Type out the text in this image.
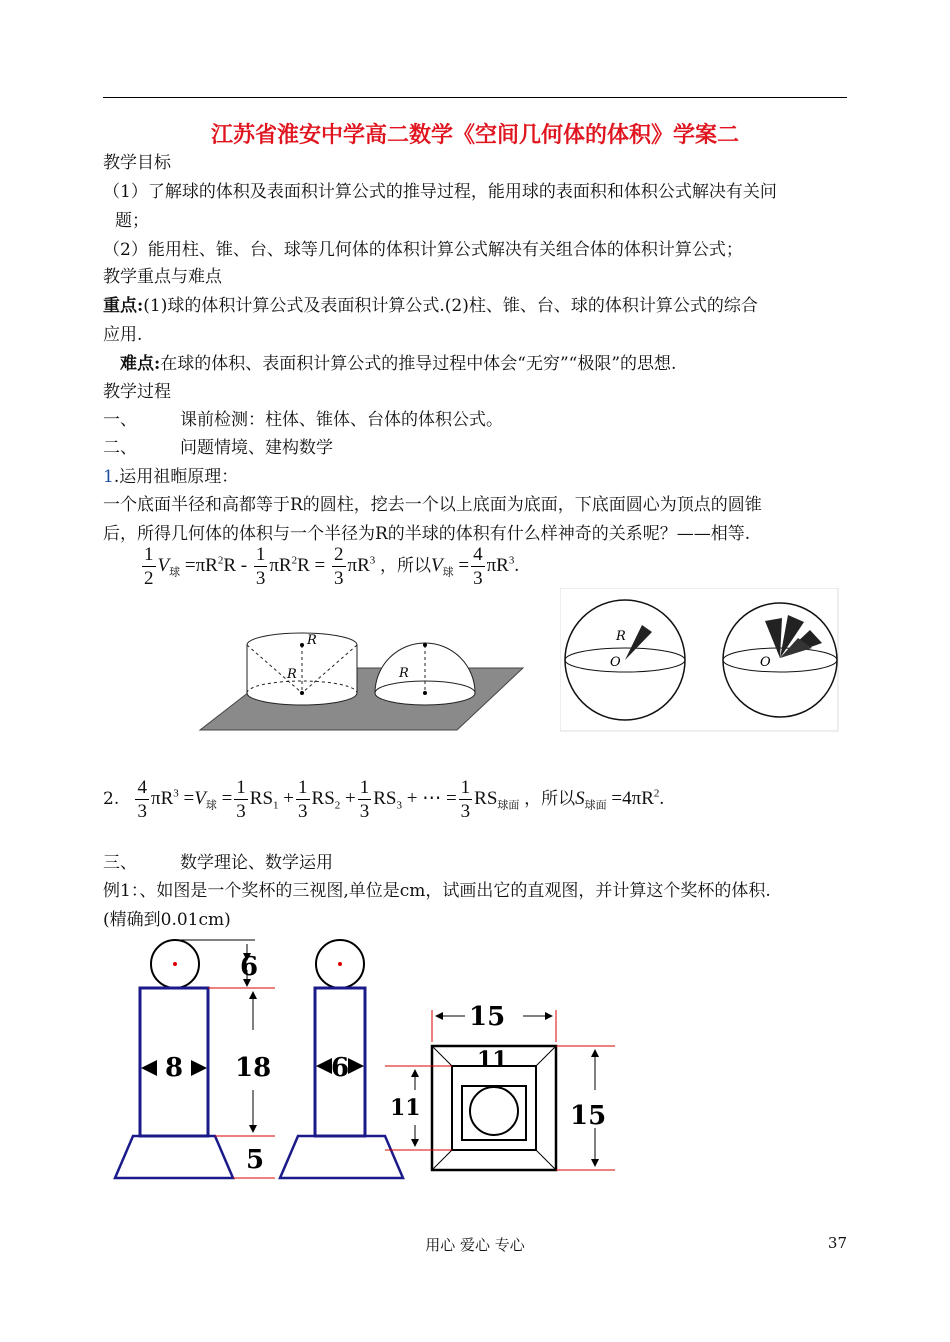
江苏省淮安中学高二数学《空间几何体的体积》学案二
教学目标
（1）了解球的体积及表面积计算公式的推导过程，能用球的表面积和体积公式解决有关问
题；
（2）能用柱、锥、台、球等几何体的体积计算公式解决有关组合体的体积计算公式；
教学重点与难点
重点:(1)球的体积计算公式及表面积计算公式.(2)柱、锥、台、球的体积计算公式的综合
应用.
难点:在球的体积、表面积计算公式的推导过程中体会“无穷”“极限”的思想.
教学过程
一、	课前检测：柱体、锥体、台体的体积公式。
二、	问题情境、建构数学
1.运用祖暅原理：
一个底面半径和高都等于R的圆柱，挖去一个以上底面为底面，下底面圆心为顶点的圆锥
后，所得几何体的体积与一个半径为R的半球的体积有什么样神奇的关系呢？——相等.
$\frac{1}{2} V_球 =\pi R^2R - \frac{1}{3} \pi R^2R = \frac{2}{3} \pi R^3$ ，所以$V_球 = \frac{4}{3} \pi R^3$.
R
R	R
R
O	O
2. $\frac{4}{3} \pi R^3 =V_球 = \frac{1}{3} RS_1 + \frac{1}{3} RS_2 + \frac{1}{3} RS_3$ + ⋯ = $\frac{1}{3} RS_{球面}$ ，所以$S_{球面} =4\pi R^2$.
三、	数学理论、数学运用
例1：、如图是一个奖杯的三视图,单位是cm，试画出它的直观图，并计算这个奖杯的体积.
(精确到0.01cm)
6
8 18
5
6
15
11
11	15
用心 爱心 专心	37
